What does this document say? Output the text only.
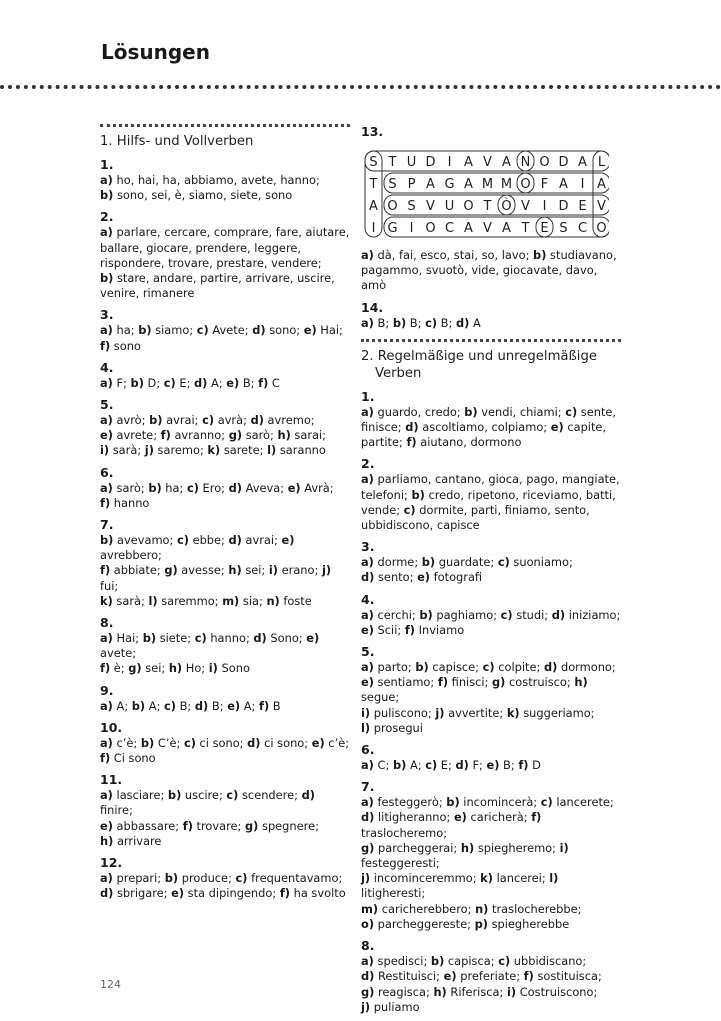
Lösungen
1. Hilfs- und Vollverben
1.
a) ho, hai, ha, abbiamo, avete, hanno;
b) sono, sei, è, siamo, siete, sono
2.
a) parlare, cercare, comprare, fare, aiutare,
ballare, giocare, prendere, leggere,
rispondere, trovare, prestare, vendere;
b) stare, andare, partire, arrivare, uscire,
venire, rimanere
3.
a) ha; b) siamo; c) Avete; d) sono; e) Hai;
f) sono
4.
a) F; b) D; c) E; d) A; e) B; f) C
5.
a) avrò; b) avrai; c) avrà; d) avremo;
e) avrete; f) avranno; g) sarò; h) sarai;
i) sarà; j) saremo; k) sarete; l) saranno
6.
a) sarò; b) ha; c) Ero; d) Aveva; e) Avrà;
f) hanno
7.
b) avevamo; c) ebbe; d) avrai; e) avrebbero;
f) abbiate; g) avesse; h) sei; i) erano; j) fui;
k) sarà; l) saremmo; m) sia; n) foste
8.
a) Hai; b) siete; c) hanno; d) Sono; e) avete;
f) è; g) sei; h) Ho; i) Sono
9.
a) A; b) A; c) B; d) B; e) A; f) B
10.
a) c’è; b) C’è; c) ci sono; d) ci sono; e) c’è;
f) Ci sono
11.
a) lasciare; b) uscire; c) scendere; d) finire;
e) abbassare; f) trovare; g) spegnere;
h) arrivare
12.
a) prepari; b) produce; c) frequentavamo;
d) sbrigare; e) sta dipingendo; f) ha svolto
13.
S T U D I A V A N O D A L
T S P A G A M M O F A I A
A O S V U O T Ò V I D E V
I G I O C A V A T E S C O
a) dà, fai, esco, stai, so, lavo; b) studiavano,
pagammo, svuotò, vide, giocavate, davo, amò
14.
a) B; b) B; c) B; d) A
2. Regelmäßige und unregelmäßige
Verben
1.
a) guardo, credo; b) vendi, chiami; c) sente,
finisce; d) ascoltiamo, colpiamo; e) capite,
partite; f) aiutano, dormono
2.
a) parliamo, cantano, gioca, pago, mangiate,
telefoni; b) credo, ripetono, riceviamo, batti,
vende; c) dormite, parti, finiamo, sento,
ubbidiscono, capisce
3.
a) dorme; b) guardate; c) suoniamo;
d) sento; e) fotografi
4.
a) cerchi; b) paghiamo; c) studi; d) iniziamo;
e) Scii; f) Inviamo
5.
a) parto; b) capisce; c) colpite; d) dormono;
e) sentiamo; f) finisci; g) costruisco; h) segue;
i) puliscono; j) avvertite; k) suggeriamo;
l) prosegui
6.
a) C; b) A; c) E; d) F; e) B; f) D
7.
a) festeggerò; b) incomincerà; c) lancerete;
d) litigheranno; e) caricherà; f) traslocheremo;
g) parcheggerai; h) spiegheremo; i) festeggeresti;
j) incominceremmo; k) lancerei; l) litigheresti;
m) caricherebbero; n) traslocherebbe;
o) parcheggereste; p) spiegherebbe
8.
a) spedisci; b) capisca; c) ubbidiscano;
d) Restituisci; e) preferiate; f) sostituisca;
g) reagisca; h) Riferisca; i) Costruiscono;
j) puliamo
124
